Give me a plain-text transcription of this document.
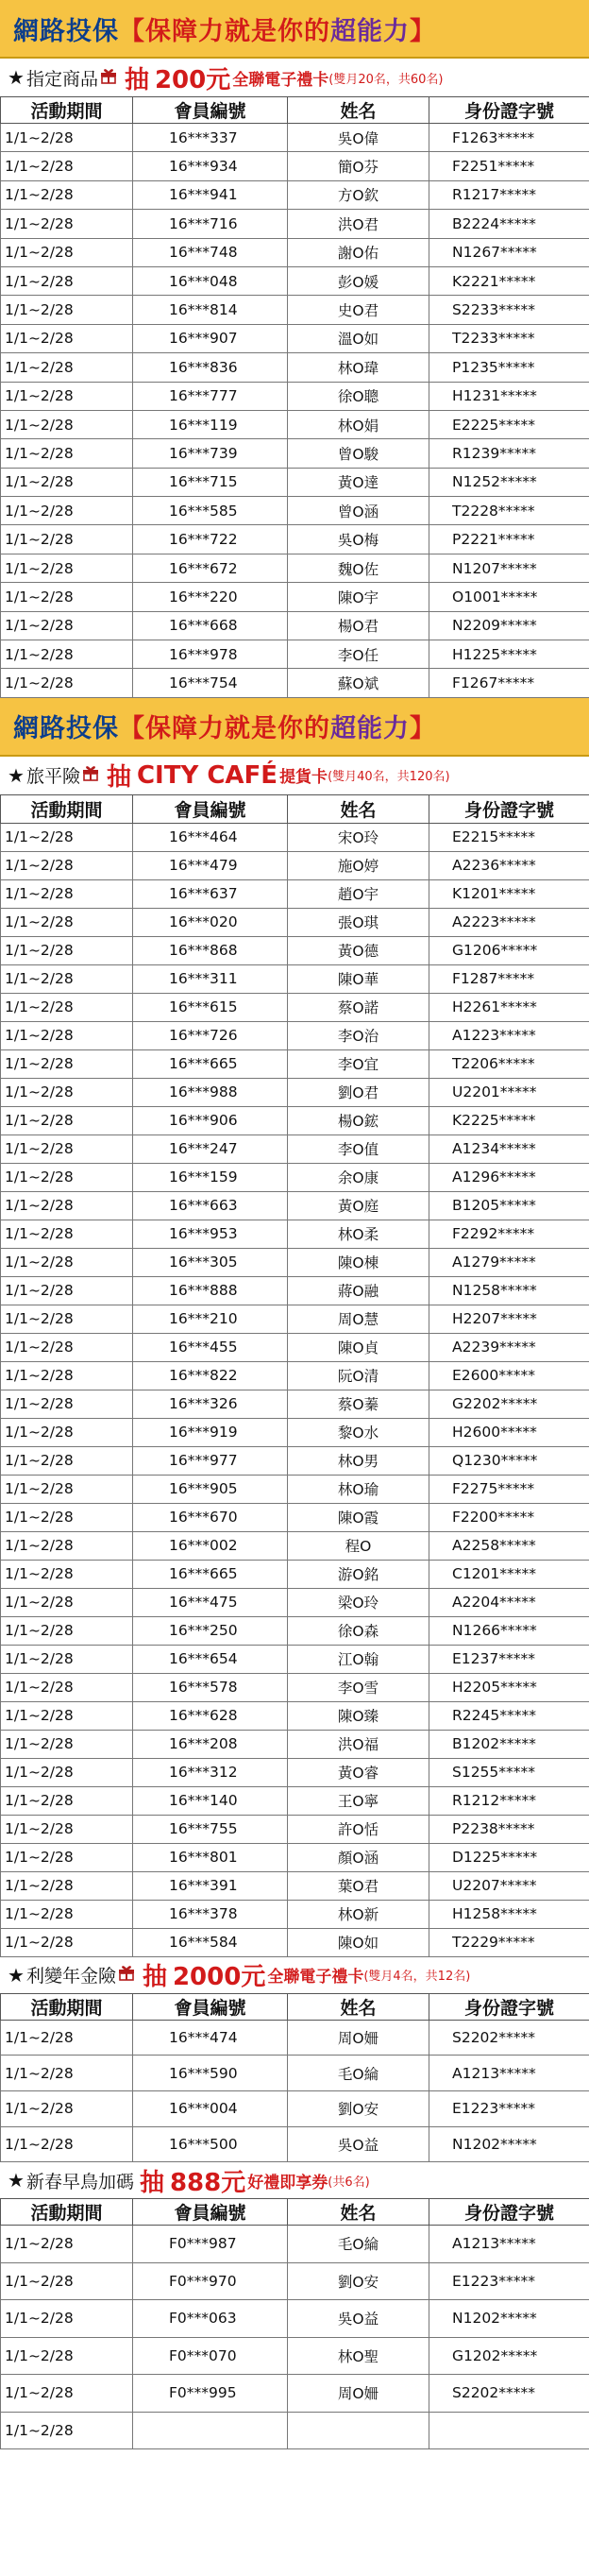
網路投保 【保障力就是你的 超能力 】
★ 指定商品 抽 200元 全聯電子禮卡 (雙月20名，共60名)
活動期間	會員編號	姓名	身份證字號
1/1~2/28	16***337	吳O偉	F1263*****
1/1~2/28	16***934	簡O芬	F2251*****
1/1~2/28	16***941	方O欽	R1217*****
1/1~2/28	16***716	洪O君	B2224*****
1/1~2/28	16***748	謝O佑	N1267*****
1/1~2/28	16***048	彭O媛	K2221*****
1/1~2/28	16***814	史O君	S2233*****
1/1~2/28	16***907	溫O如	T2233*****
1/1~2/28	16***836	林O瑋	P1235*****
1/1~2/28	16***777	徐O聰	H1231*****
1/1~2/28	16***119	林O娟	E2225*****
1/1~2/28	16***739	曾O駿	R1239*****
1/1~2/28	16***715	黃O達	N1252*****
1/1~2/28	16***585	曾O涵	T2228*****
1/1~2/28	16***722	吳O梅	P2221*****
1/1~2/28	16***672	魏O佐	N1207*****
1/1~2/28	16***220	陳O宇	O1001*****
1/1~2/28	16***668	楊O君	N2209*****
1/1~2/28	16***978	李O任	H1225*****
1/1~2/28	16***754	蘇O斌	F1267*****
網路投保 【保障力就是你的 超能力 】
★ 旅平險 抽 CITY CAFÉ 提貨卡 (雙月40名，共120名)
活動期間	會員編號	姓名	身份證字號
1/1~2/28	16***464	宋O玲	E2215*****
1/1~2/28	16***479	施O婷	A2236*****
1/1~2/28	16***637	趙O宇	K1201*****
1/1~2/28	16***020	張O琪	A2223*****
1/1~2/28	16***868	黃O德	G1206*****
1/1~2/28	16***311	陳O華	F1287*****
1/1~2/28	16***615	蔡O諾	H2261*****
1/1~2/28	16***726	李O治	A1223*****
1/1~2/28	16***665	李O宜	T2206*****
1/1~2/28	16***988	劉O君	U2201*****
1/1~2/28	16***906	楊O鋐	K2225*****
1/1~2/28	16***247	李O值	A1234*****
1/1~2/28	16***159	余O康	A1296*****
1/1~2/28	16***663	黃O庭	B1205*****
1/1~2/28	16***953	林O柔	F2292*****
1/1~2/28	16***305	陳O棟	A1279*****
1/1~2/28	16***888	蔣O融	N1258*****
1/1~2/28	16***210	周O慧	H2207*****
1/1~2/28	16***455	陳O貞	A2239*****
1/1~2/28	16***822	阮O清	E2600*****
1/1~2/28	16***326	蔡O蓁	G2202*****
1/1~2/28	16***919	黎O水	H2600*****
1/1~2/28	16***977	林O男	Q1230*****
1/1~2/28	16***905	林O瑜	F2275*****
1/1~2/28	16***670	陳O霞	F2200*****
1/1~2/28	16***002	程O	A2258*****
1/1~2/28	16***665	游O銘	C1201*****
1/1~2/28	16***475	梁O玲	A2204*****
1/1~2/28	16***250	徐O森	N1266*****
1/1~2/28	16***654	江O翰	E1237*****
1/1~2/28	16***578	李O雪	H2205*****
1/1~2/28	16***628	陳O臻	R2245*****
1/1~2/28	16***208	洪O福	B1202*****
1/1~2/28	16***312	黃O睿	S1255*****
1/1~2/28	16***140	王O寧	R1212*****
1/1~2/28	16***755	許O恬	P2238*****
1/1~2/28	16***801	顏O涵	D1225*****
1/1~2/28	16***391	葉O君	U2207*****
1/1~2/28	16***378	林O新	H1258*****
1/1~2/28	16***584	陳O如	T2229*****
★ 利變年金險 抽 2000元 全聯電子禮卡 (雙月4名，共12名)
活動期間	會員編號	姓名	身份證字號
1/1~2/28	16***474	周O姍	S2202*****
1/1~2/28	16***590	毛O綸	A1213*****
1/1~2/28	16***004	劉O安	E1223*****
1/1~2/28	16***500	吳O益	N1202*****
★ 新春早鳥加碼 抽 888元 好禮即享券 (共6名)
活動期間	會員編號	姓名	身份證字號
1/1~2/28	F0***987	毛O綸	A1213*****
1/1~2/28	F0***970	劉O安	E1223*****
1/1~2/28	F0***063	吳O益	N1202*****
1/1~2/28	F0***070	林O聖	G1202*****
1/1~2/28	F0***995	周O姍	S2202*****
1/1~2/28			
